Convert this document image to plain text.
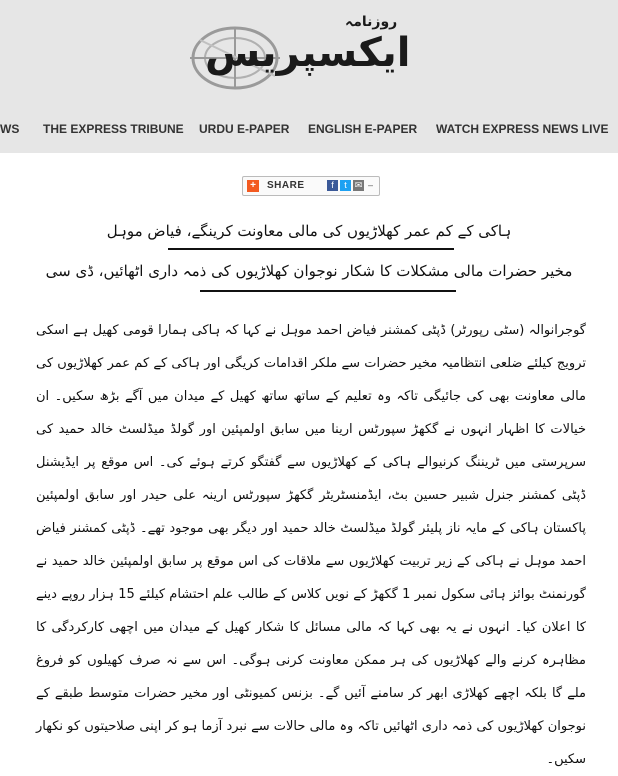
روزنامہ
ایکسپریس
WS THE EXPRESS TRIBUNE URDU E-PAPER ENGLISH E-PAPER WATCH EXPRESS NEWS LIVE
+	SHARE	f	t ✉ –
ہاکی کے کم عمر کھلاڑیوں کی مالی معاونت کرینگے، فیاض موہل
مخیر حضرات مالی مشکلات کا شکار نوجوان کھلاڑیوں کی ذمہ داری اٹھائیں، ڈی سی

گوجرانوالہ (سٹی رپورٹر) ڈپٹی کمشنر فیاض احمد موہل نے کہا کہ ہاکی ہمارا قومی کھیل ہے اسکی ترویج کیلئے ضلعی انتظامیہ مخیر حضرات سے ملکر اقدامات کریگی اور ہاکی کے کم عمر کھلاڑیوں کی مالی معاونت بھی کی جائیگی تاکہ وہ تعلیم کے ساتھ ساتھ کھیل کے میدان میں آگے بڑھ سکیں۔ ان خیالات کا اظہار انہوں نے گکھڑ سپورٹس ارینا میں سابق اولمپئین اور گولڈ میڈلسٹ خالد حمید کی سرپرستی میں ٹریننگ کرنیوالے ہاکی کے کھلاڑیوں سے گفتگو کرتے ہوئے کی۔ اس موقع پر ایڈیشنل ڈپٹی کمشنر جنرل شبیر حسین بٹ، ایڈمنسٹریٹر گکھڑ سپورٹس ارینہ علی حیدر اور سابق اولمپئین پاکستان ہاکی کے مایہ ناز پلیئر گولڈ میڈلسٹ خالد حمید اور دیگر بھی موجود تھے۔ ڈپٹی کمشنر فیاض احمد موہل نے ہاکی کے زیر تربیت کھلاڑیوں سے ملاقات کی اس موقع پر سابق اولمپئین خالد حمید نے گورنمنٹ بوائز ہائی سکول نمبر 1 گکھڑ کے نویں کلاس کے طالب علم احتشام کیلئے 15 ہزار روپے دینے کا اعلان کیا۔ انہوں نے یہ بھی کہا کہ مالی مسائل کا شکار کھیل کے میدان میں اچھی کارکردگی کا مظاہرہ کرنے والے کھلاڑیوں کی ہر ممکن معاونت کرنی ہوگی۔ اس سے نہ صرف کھیلوں کو فروغ ملے گا بلکہ اچھے کھلاڑی ابھر کر سامنے آئیں گے۔ بزنس کمیونٹی اور مخیر حضرات متوسط طبقے کے نوجوان کھلاڑیوں کی ذمہ داری اٹھائیں تاکہ وہ مالی حالات سے نبرد آزما ہو کر اپنی صلاحیتوں کو نکھار سکیں۔
